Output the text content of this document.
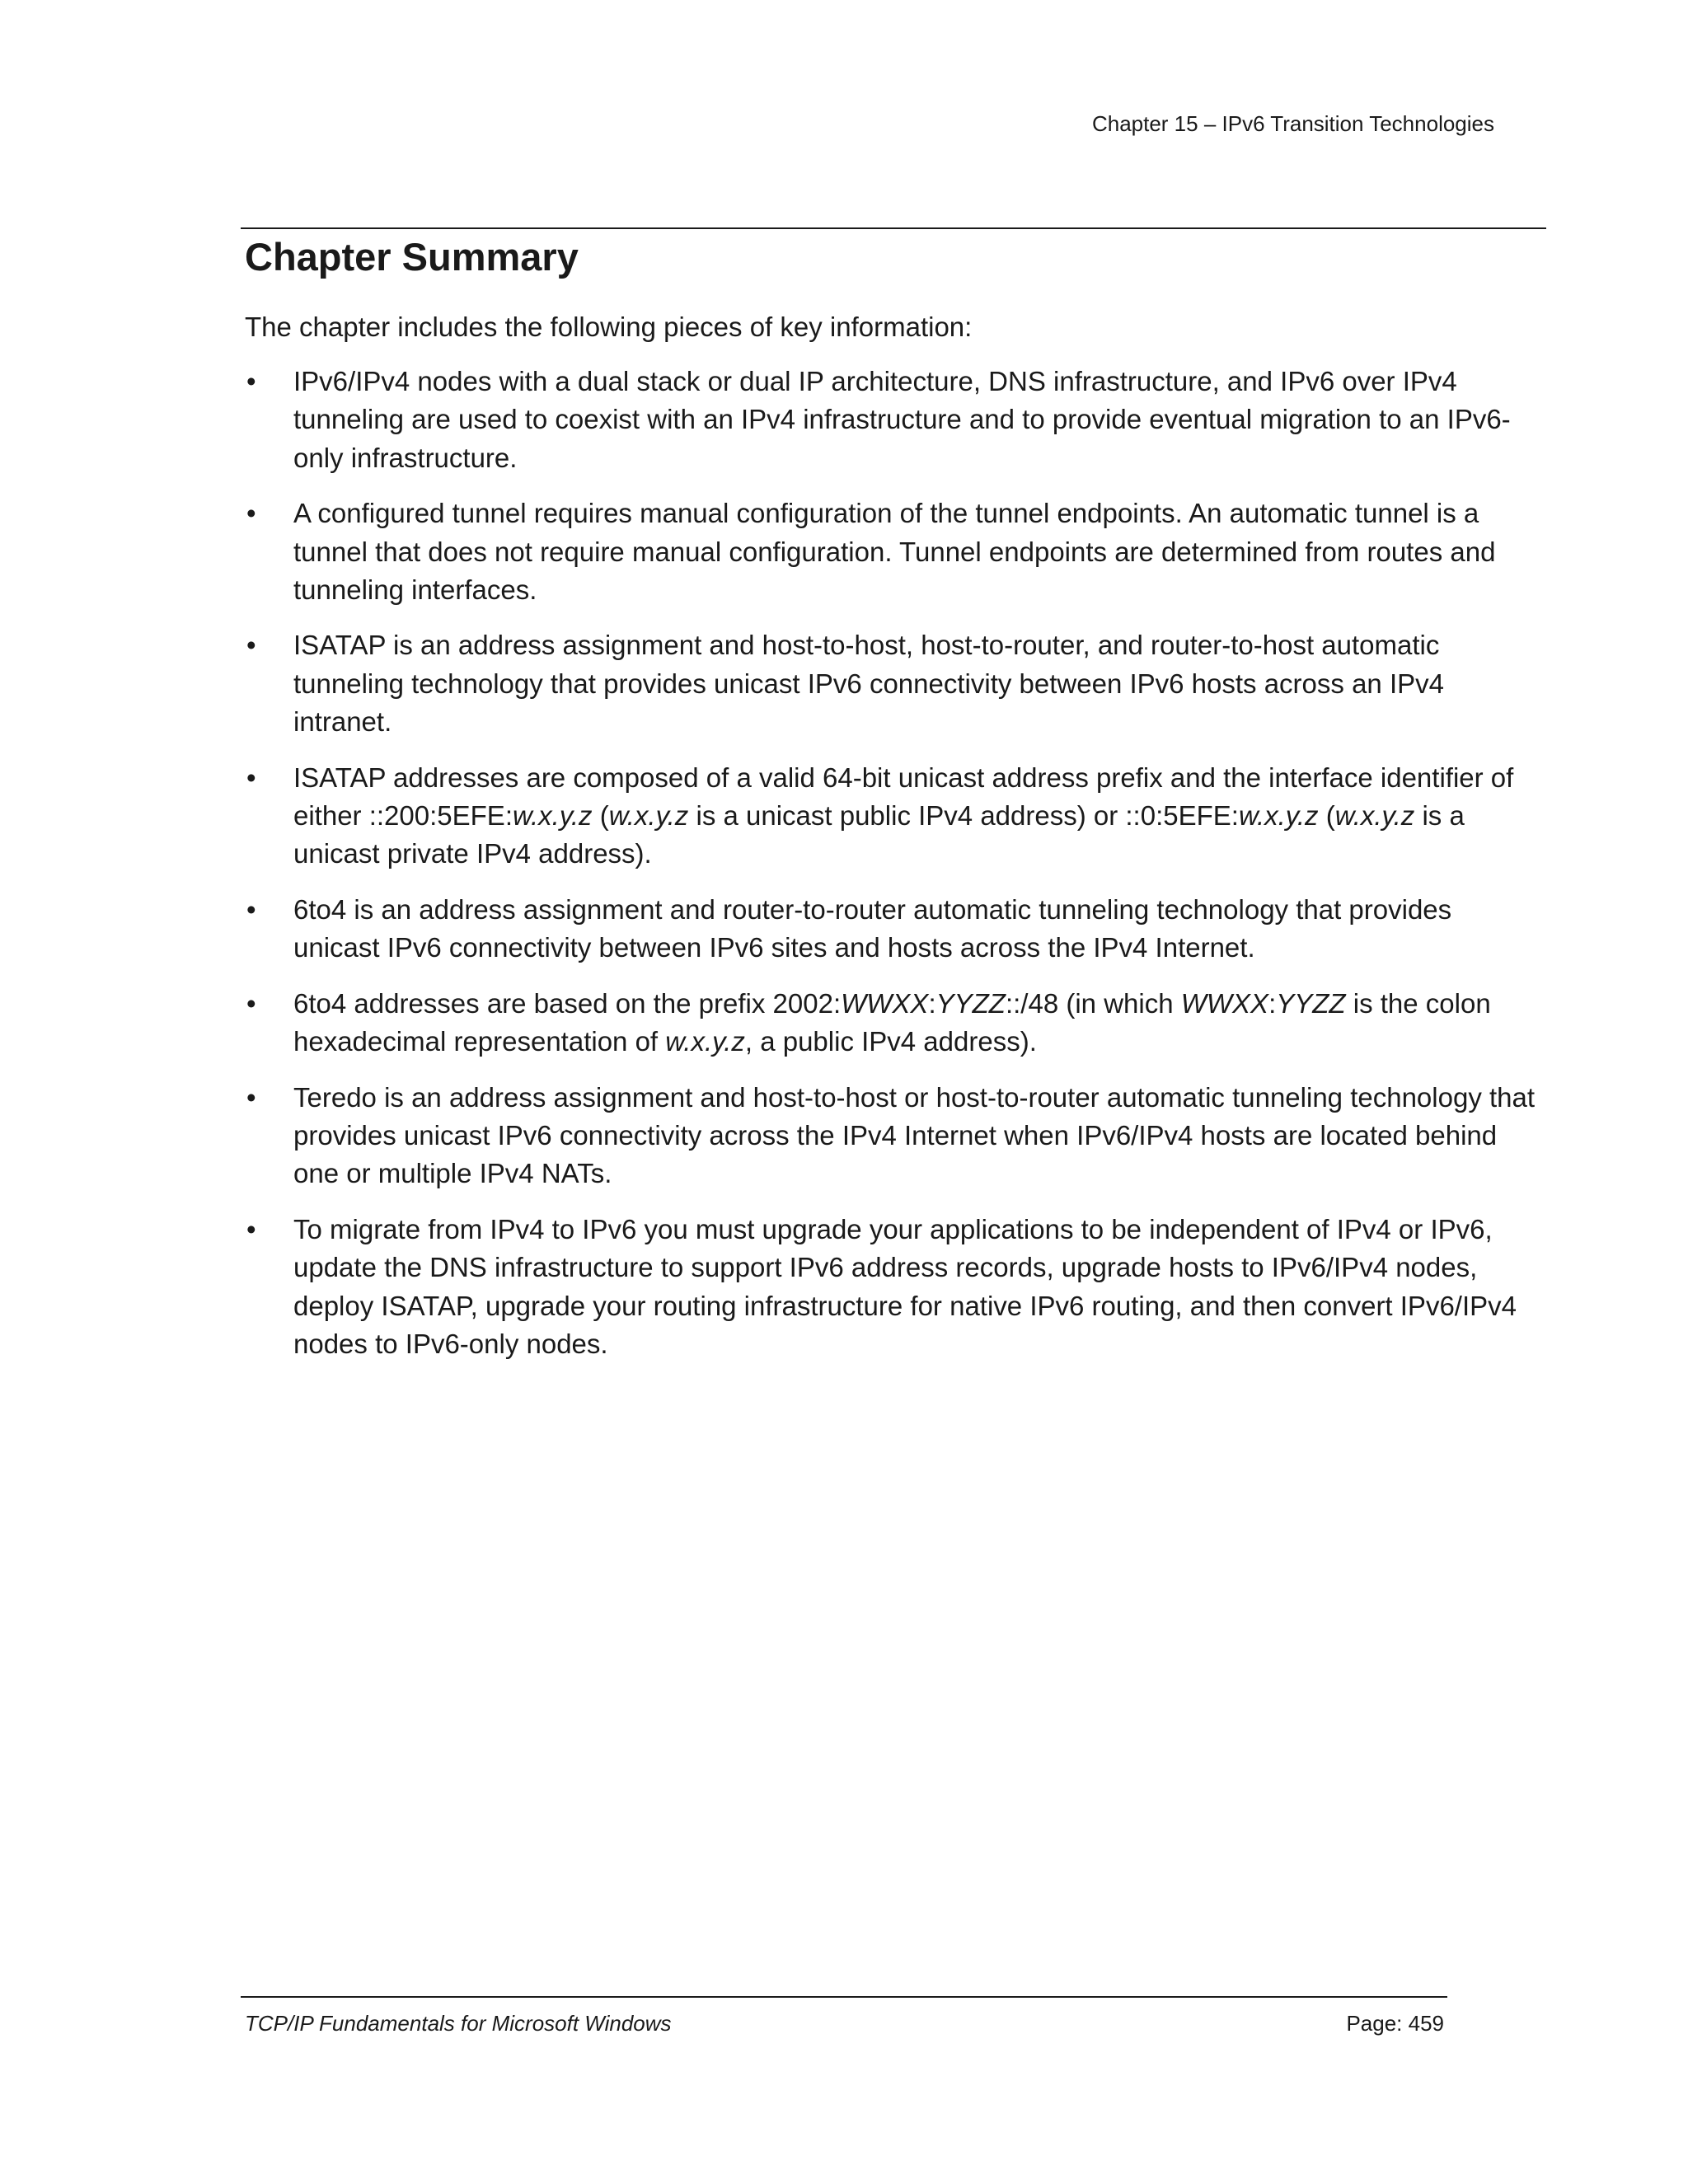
Chapter 15 – IPv6 Transition Technologies
Chapter Summary

The chapter includes the following pieces of key information:

• IPv6/IPv4 nodes with a dual stack or dual IP architecture, DNS infrastructure, and IPv6 over IPv4
tunneling are used to coexist with an IPv4 infrastructure and to provide eventual migration to an IPv6-
only infrastructure.
• A configured tunnel requires manual configuration of the tunnel endpoints. An automatic tunnel is a
tunnel that does not require manual configuration. Tunnel endpoints are determined from routes and
tunneling interfaces.
• ISATAP is an address assignment and host-to-host, host-to-router, and router-to-host automatic
tunneling technology that provides unicast IPv6 connectivity between IPv6 hosts across an IPv4
intranet.
• ISATAP addresses are composed of a valid 64-bit unicast address prefix and the interface identifier of
either ::200:5EFE:w.x.y.z (w.x.y.z is a unicast public IPv4 address) or ::0:5EFE:w.x.y.z (w.x.y.z is a
unicast private IPv4 address).
• 6to4 is an address assignment and router-to-router automatic tunneling technology that provides
unicast IPv6 connectivity between IPv6 sites and hosts across the IPv4 Internet.
• 6to4 addresses are based on the prefix 2002:WWXX:YYZZ::/48 (in which WWXX:YYZZ is the colon
hexadecimal representation of w.x.y.z, a public IPv4 address).
• Teredo is an address assignment and host-to-host or host-to-router automatic tunneling technology that
provides unicast IPv6 connectivity across the IPv4 Internet when IPv6/IPv4 hosts are located behind
one or multiple IPv4 NATs.
• To migrate from IPv4 to IPv6 you must upgrade your applications to be independent of IPv4 or IPv6,
update the DNS infrastructure to support IPv6 address records, upgrade hosts to IPv6/IPv4 nodes,
deploy ISATAP, upgrade your routing infrastructure for native IPv6 routing, and then convert IPv6/IPv4
nodes to IPv6-only nodes.
TCP/IP Fundamentals for Microsoft Windows	Page: 459
